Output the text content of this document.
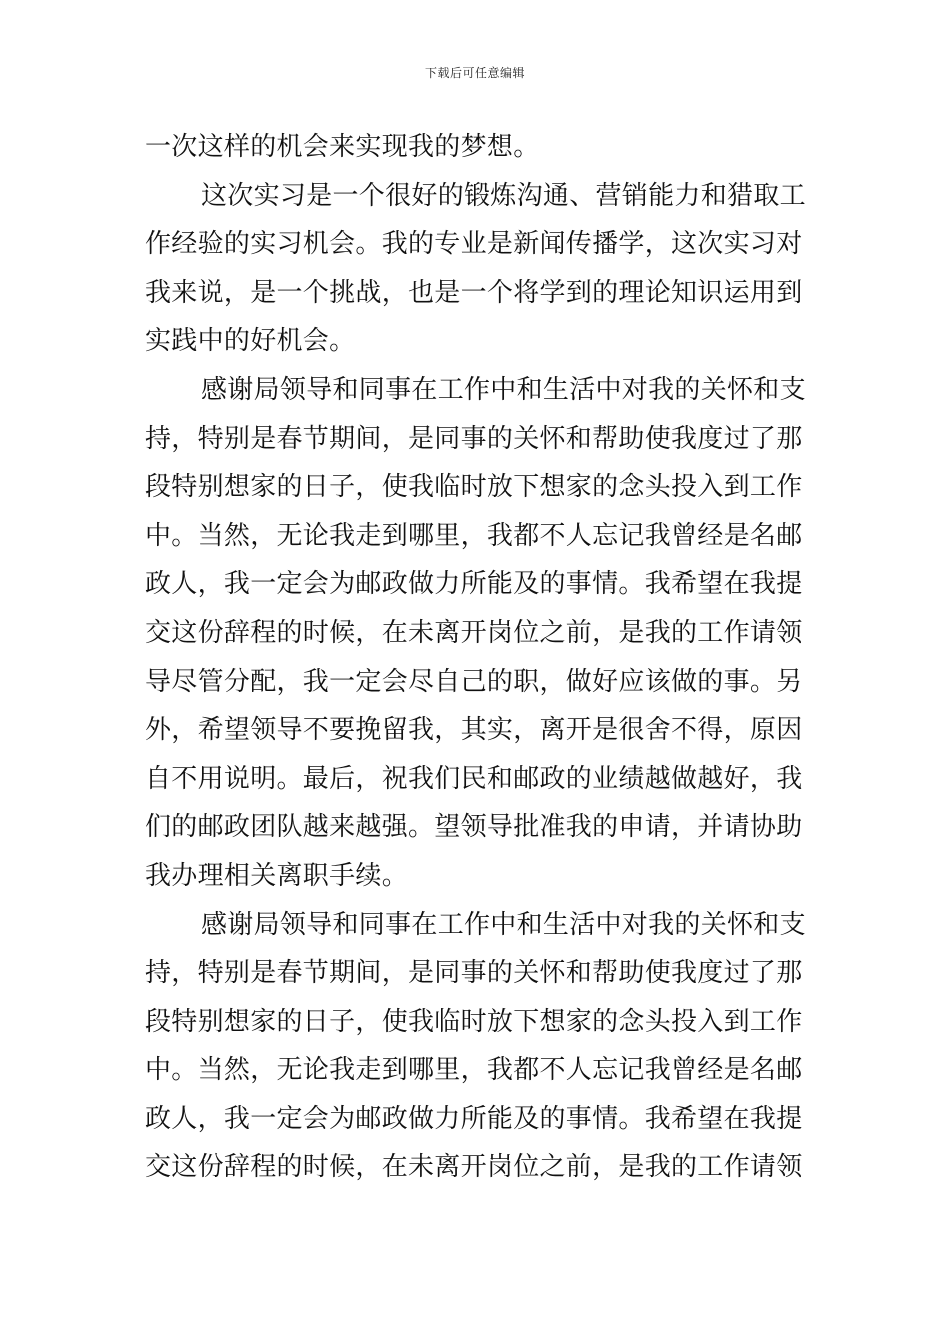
下载后可任意编辑
一次这样的机会来实现我的梦想。
这次实习是一个很好的锻炼沟通、营销能力和猎取工
作经验的实习机会。我的专业是新闻传播学，这次实习对
我来说，是一个挑战，也是一个将学到的理论知识运用到
实践中的好机会。
感谢局领导和同事在工作中和生活中对我的关怀和支
持，特别是春节期间，是同事的关怀和帮助使我度过了那
段特别想家的日子，使我临时放下想家的念头投入到工作
中。当然，无论我走到哪里，我都不人忘记我曾经是名邮
政人，我一定会为邮政做力所能及的事情。我希望在我提
交这份辞程的时候，在未离开岗位之前，是我的工作请领
导尽管分配，我一定会尽自己的职，做好应该做的事。另
外，希望领导不要挽留我，其实，离开是很舍不得，原因
自不用说明。最后，祝我们民和邮政的业绩越做越好，我
们的邮政团队越来越强。望领导批准我的申请，并请协助
我办理相关离职手续。
感谢局领导和同事在工作中和生活中对我的关怀和支
持，特别是春节期间，是同事的关怀和帮助使我度过了那
段特别想家的日子，使我临时放下想家的念头投入到工作
中。当然，无论我走到哪里，我都不人忘记我曾经是名邮
政人，我一定会为邮政做力所能及的事情。我希望在我提
交这份辞程的时候，在未离开岗位之前，是我的工作请领
